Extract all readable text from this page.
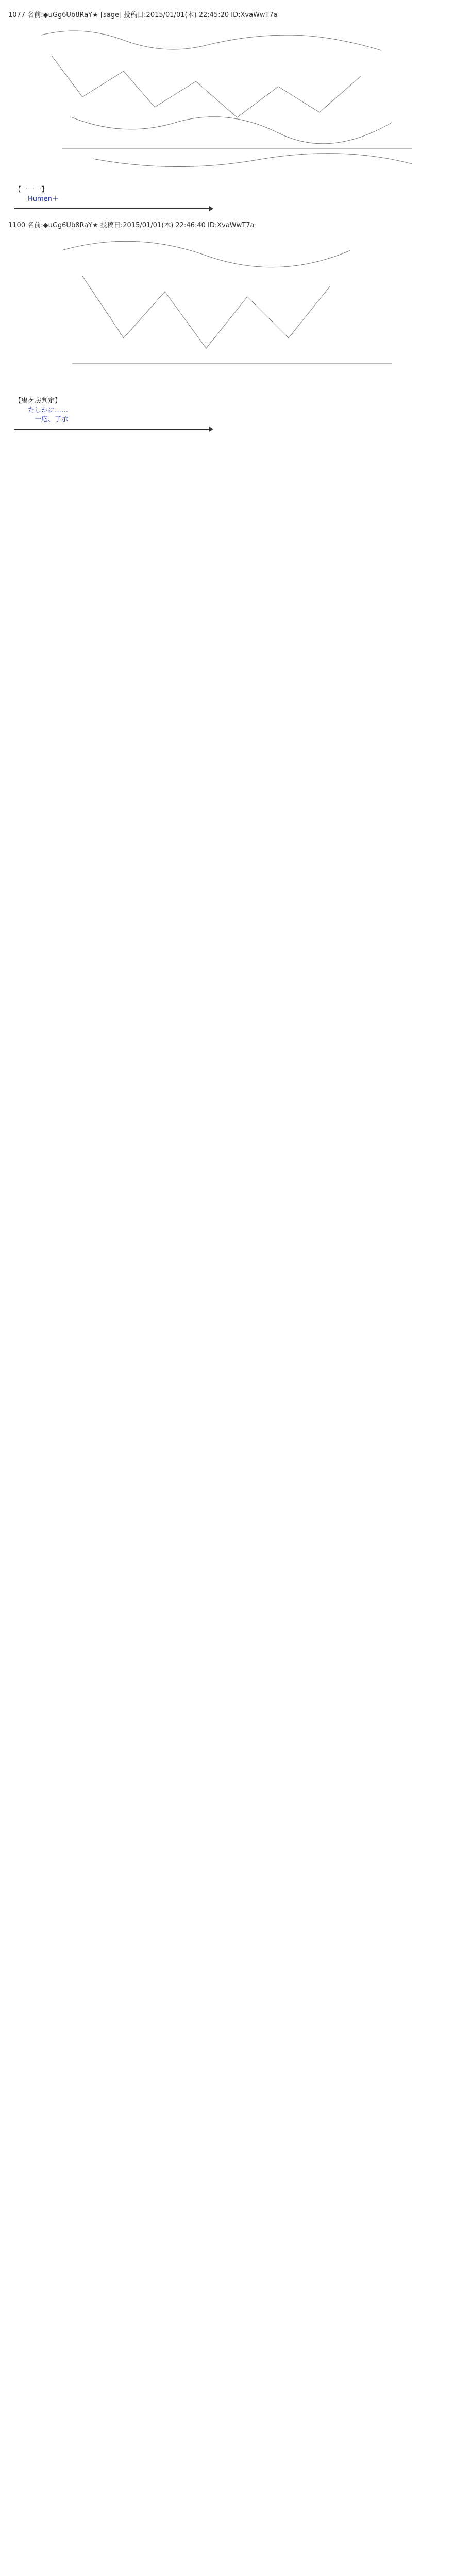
1077 名前:◆uGg6Ub8RaY★ [sage] 投稿日:2015/01/01(木) 22:45:20 ID:XvaWwT7a
【一一一】
　　Humen＋
1100 名前:◆uGg6Ub8RaY★ 投稿日:2015/01/01(木) 22:46:40 ID:XvaWwT7a
【鬼ケ戻判定】
　　たしかに……
　　　一応、了承
